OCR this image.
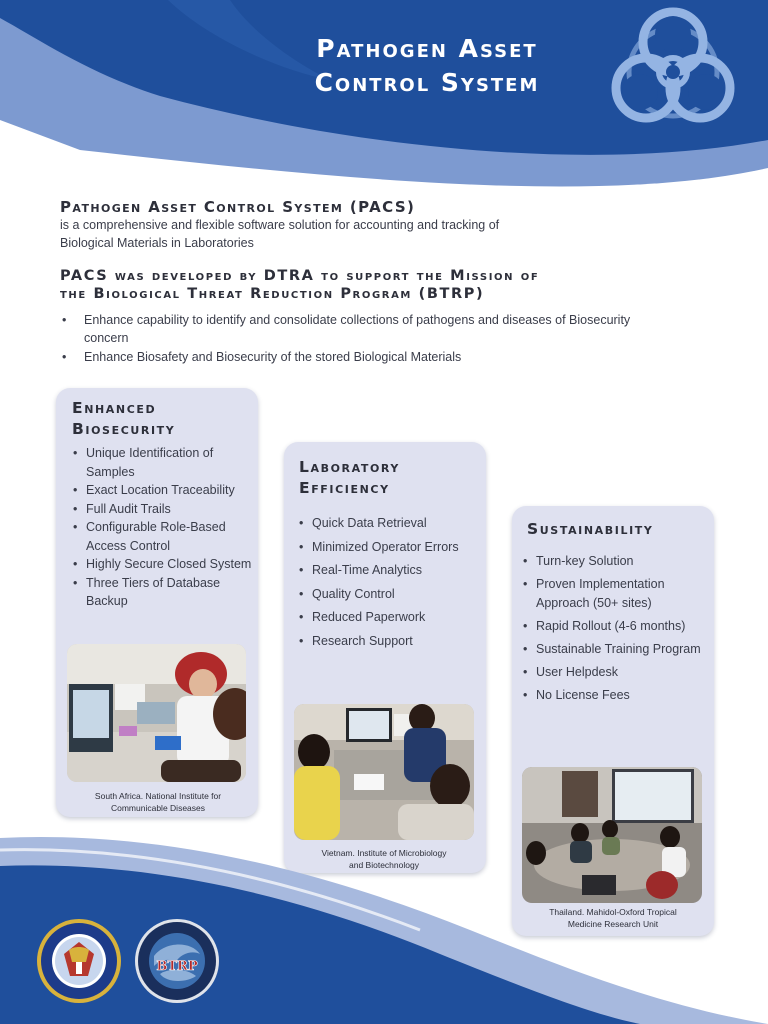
Pathogen Asset
Control System
Pathogen Asset Control System (PACS)
is a comprehensive and flexible software solution for accounting and tracking of
Biological Materials in Laboratories
PACS was developed by DTRA to support the Mission of
the Biological Threat Reduction Program (BTRP)
• Enhance capability to identify and consolidate collections of pathogens and diseases of Biosecurity concern
• Enhance Biosafety and Biosecurity of the stored Biological Materials
Enhanced
Biosecurity
• Unique Identification of Samples
• Exact Location Traceability
• Full Audit Trails
• Configurable Role-Based Access Control
• Highly Secure Closed System
• Three Tiers of Database Backup
South Africa. National Institute for
Communicable Diseases
Laboratory
Efficiency
• Quick Data Retrieval
• Minimized Operator Errors
• Real-Time Analytics
• Quality Control
• Reduced Paperwork
• Research Support
Vietnam. Institute of Microbiology
and Biotechnology
Sustainability
• Turn-key Solution
• Proven Implementation Approach (50+ sites)
• Rapid Rollout (4-6 months)
• Sustainable Training Program
• User Helpdesk
• No License Fees
Thailand. Mahidol-Oxford Tropical
Medicine Research Unit
BTRP
